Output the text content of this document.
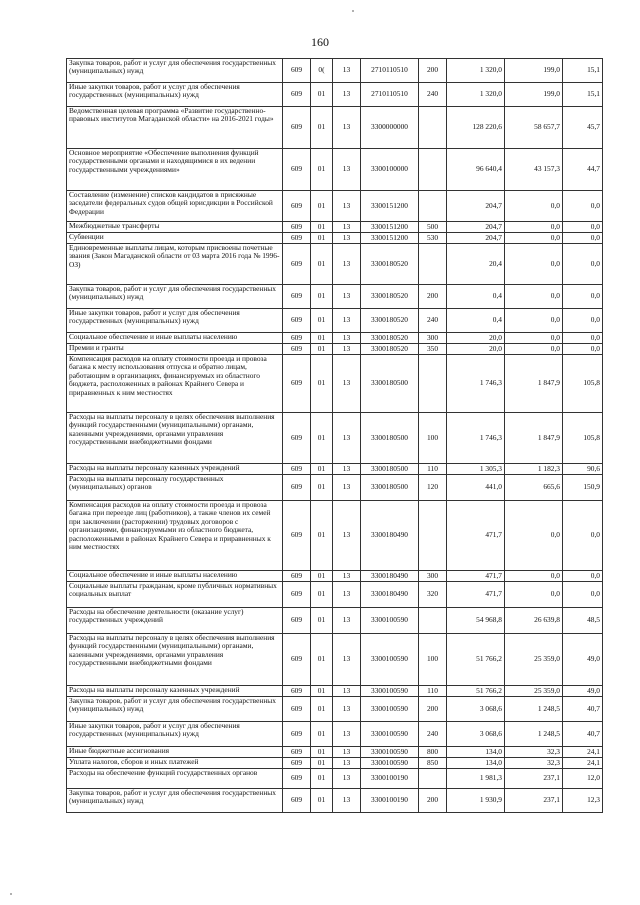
160
Закупка товаров, работ и услуг для обеспечения государственных (муниципальных) нужд	609	0(	13	2710110510	200	1 320,0	199,0	15,1
Иные закупки товаров, работ и услуг для обеспечения государственных (муниципальных) нужд	609	01	13	2710110510	240	1 320,0	199,0	15,1
Ведомственная целевая программа «Развитие государственно-правовых институтов Магаданской области» на 2016-2021 годы»	609	01	13	3300000000		128 220,6	58 657,7	45,7
Основное мероприятие «Обеспечение выполнения функций государственными органами и находящимися в их ведении государственными учреждениями»	609	01	13	3300100000		96 640,4	43 157,3	44,7
Составление (изменение) списков кандидатов в присяжные заседатели федеральных судов общей юрисдикции в Российской Федерации	609	01	13	3300151200		204,7	0,0	0,0
Межбюджетные трансферты	609	01	13	3300151200	500	204,7	0,0	0,0
Субвенции	609	01	13	3300151200	530	204,7	0,0	0,0
Единовременные выплаты лицам, которым присвоены почетные звания (Закон Магаданской области от 03 марта 2016 года № 1996-ОЗ)	609	01	13	3300180520		20,4	0,0	0,0
Закупка товаров, работ и услуг для обеспечения государственных (муниципальных) нужд	609	01	13	3300180520	200	0,4	0,0	0,0
Иные закупки товаров, работ и услуг для обеспечения государственных (муниципальных) нужд	609	01	13	3300180520	240	0,4	0,0	0,0
Социальное обеспечение и иные выплаты населению	609	01	13	3300180520	300	20,0	0,0	0,0
Премии и гранты	609	01	13	3300180520	350	20,0	0,0	0,0
Компенсация расходов на оплату стоимости проезда и провоза багажа к месту использования отпуска и обратно лицам, работающим в организациях, финансируемых из областного бюджета, расположенных в районах Крайнего Севера и приравненных к ним местностях	609	01	13	3300180500		1 746,3	1 847,9	105,8
Расходы на выплаты персоналу в целях обеспечения выполнения функций государственными (муниципальными) органами, казенными учреждениями, органами управления государственными внебюджетными фондами	609	01	13	3300180500	100	1 746,3	1 847,9	105,8
Расходы на выплаты персоналу казенных учреждений	609	01	13	3300180500	110	1 305,3	1 182,3	90,6
Расходы на выплаты персоналу государственных (муниципальных) органов	609	01	13	3300180500	120	441,0	665,6	150,9
Компенсация расходов на оплату стоимости проезда и провоза багажа при переезде лиц (работников), а также членов их семей при заключении (расторжении) трудовых договоров с организациями, финансируемыми из областного бюджета, расположенными в районах Крайнего Севера и приравненных к ним местностях	609	01	13	3300180490		471,7	0,0	0,0
Социальное обеспечение и иные выплаты населению	609	01	13	3300180490	300	471,7	0,0	0,0
Социальные выплаты гражданам, кроме публичных нормативных социальных выплат	609	01	13	3300180490	320	471,7	0,0	0,0
Расходы на обеспечение деятельности (оказание услуг) государственных учреждений	609	01	13	3300100590		54 968,8	26 639,8	48,5
Расходы на выплаты персоналу в целях обеспечения выполнения функций государственными (муниципальными) органами, казенными учреждениями, органами управления государственными внебюджетными фондами	609	01	13	3300100590	100	51 766,2	25 359,0	49,0
Расходы на выплаты персоналу казенных учреждений	609	01	13	3300100590	110	51 766,2	25 359,0	49,0
Закупка товаров, работ и услуг для обеспечения государственных (муниципальных) нужд	609	01	13	3300100590	200	3 068,6	1 248,5	40,7
Иные закупки товаров, работ и услуг для обеспечения государственных (муниципальных) нужд	609	01	13	3300100590	240	3 068,6	1 248,5	40,7
Иные бюджетные ассигнования	609	01	13	3300100590	800	134,0	32,3	24,1
Уплата налогов, сборов и иных платежей	609	01	13	3300100590	850	134,0	32,3	24,1
Расходы на обеспечение функций государственных органов	609	01	13	3300100190		1 981,3	237,1	12,0
Закупка товаров, работ и услуг для обеспечения государственных (муниципальных) нужд	609	01	13	3300100190	200	1 930,9	237,1	12,3
